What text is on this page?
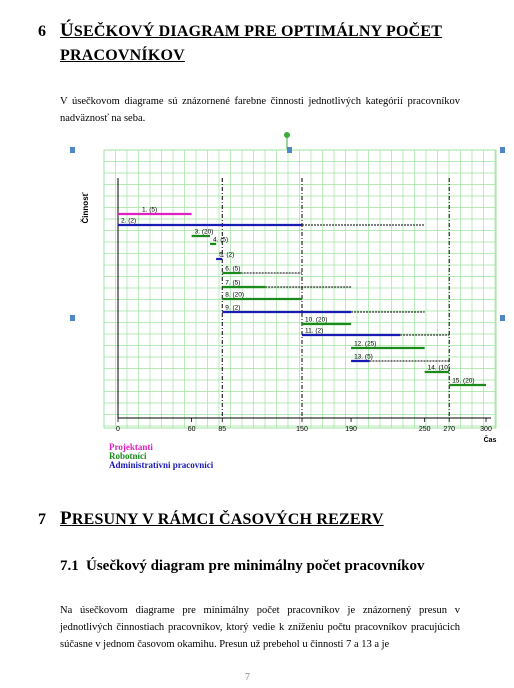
6 ÚSEČKOVÝ DIAGRAM PRE OPTIMÁLNY POČET
PRACOVNÍKOV
V úsečkovom diagrame sú znázornené farebne činnosti jednotlivých kategórií pracovníkov nadväznosť na seba.
Činnosť
0	60	85	150	190	250 270	300
Čas
1. (5)
2. (2)
3. (20)
4. (5)
5. (2)
6. (5)
7. (5)
8. (20)
9. (2)
10. (20)
11. (2)
12. (25)
13. (5)
14. (10)
15. (20)
Projektanti
Robotníci
Administratívni pracovníci
7 PRESUNY V RÁMCI ČASOVÝCH REZERV
7.1 Úsečkový diagram pre minimálny počet pracovníkov
Na úsečkovom diagrame pre minimálny počet pracovníkov je znázornený presun v jednotlivých činnostiach pracovníkov, ktorý vedie k zníženiu počtu pracovníkov pracujúcich súčasne v jednom časovom okamihu. Presun už prebehol u činnosti 7 a 13 a je
7
